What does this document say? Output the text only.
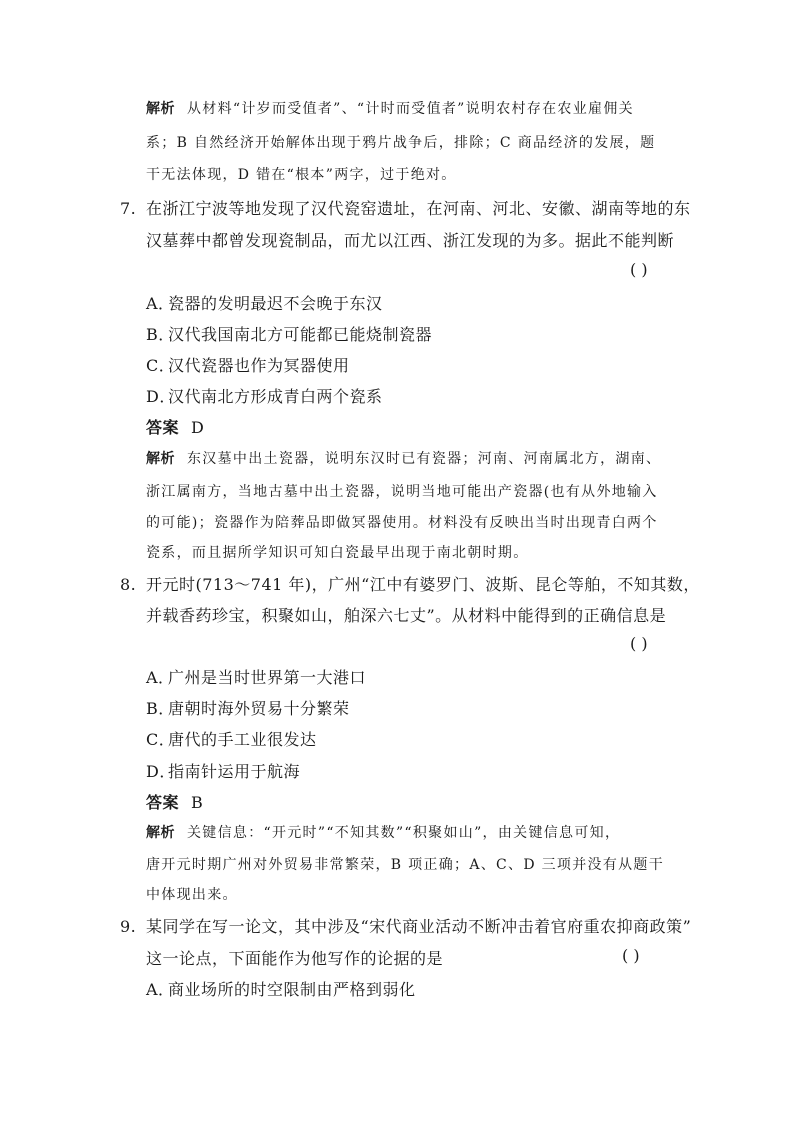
解析 从材料“计岁而受值者”、“计时而受值者”说明农村存在农业雇佣关
系；B 自然经济开始解体出现于鸦片战争后，排除；C 商品经济的发展，题
干无法体现，D 错在“根本”两字，过于绝对。
7. 在浙江宁波等地发现了汉代瓷窑遗址，在河南、河北、安徽、湖南等地的东
汉墓葬中都曾发现瓷制品，而尤以江西、浙江发现的为多。据此不能判断
( )
A．瓷器的发明最迟不会晚于东汉
B．汉代我国南北方可能都已能烧制瓷器
C．汉代瓷器也作为冥器使用
D．汉代南北方形成青白两个瓷系
答案 D
解析 东汉墓中出土瓷器，说明东汉时已有瓷器；河南、河南属北方，湖南、
浙江属南方，当地古墓中出土瓷器，说明当地可能出产瓷器(也有从外地输入
的可能)；瓷器作为陪葬品即做冥器使用。材料没有反映出当时出现青白两个
瓷系，而且据所学知识可知白瓷最早出现于南北朝时期。
8. 开元时(713～741 年)，广州“江中有婆罗门、波斯、昆仑等舶，不知其数，
并载香药珍宝，积聚如山，舶深六七丈”。从材料中能得到的正确信息是
( )
A．广州是当时世界第一大港口
B．唐朝时海外贸易十分繁荣
C．唐代的手工业很发达
D．指南针运用于航海
答案 B
解析 关键信息：“开元时”“不知其数”“积聚如山”，由关键信息可知，
唐开元时期广州对外贸易非常繁荣，B 项正确；A、C、D 三项并没有从题干
中体现出来。
9. 某同学在写一论文，其中涉及“宋代商业活动不断冲击着官府重农抑商政策”
这一论点，下面能作为他写作的论据的是	( )
A．商业场所的时空限制由严格到弱化
